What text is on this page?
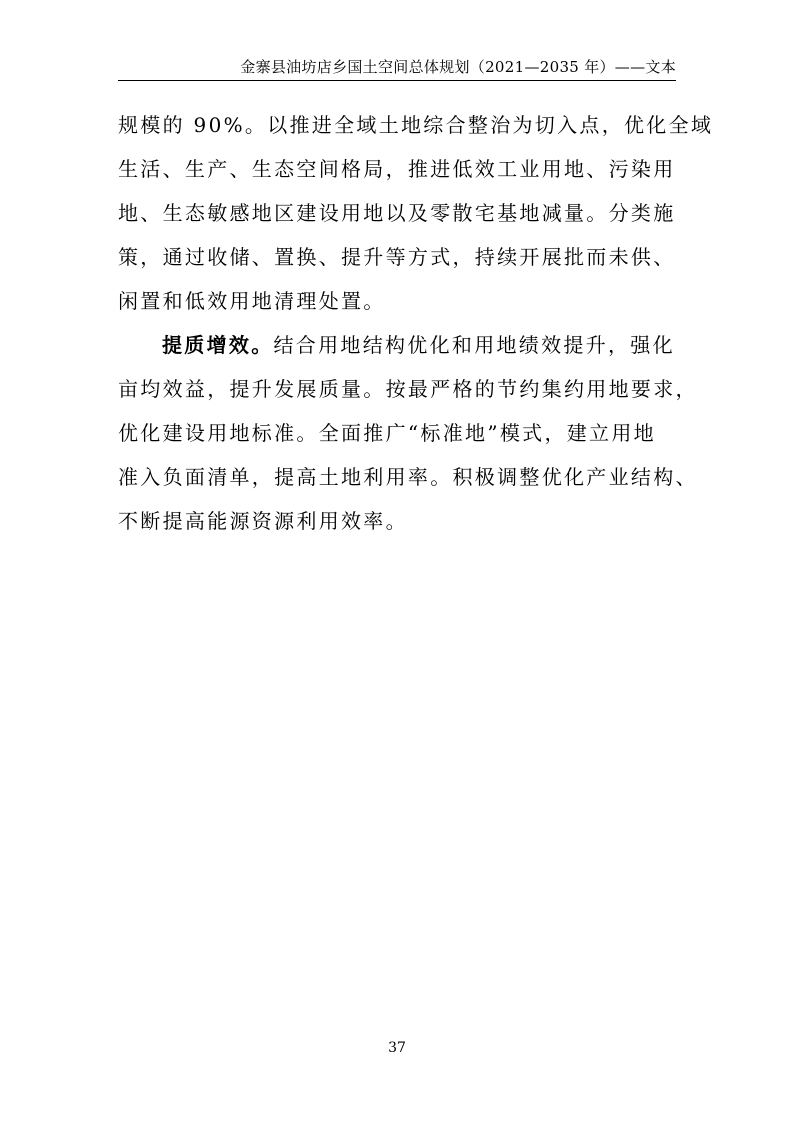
金寨县油坊店乡国土空间总体规划（2021—2035 年）——文本
规模的 90%。以推进全域土地综合整治为切入点，优化全域
生活、生产、生态空间格局，推进低效工业用地、污染用
地、生态敏感地区建设用地以及零散宅基地减量。分类施
策，通过收储、置换、提升等方式，持续开展批而未供、
闲置和低效用地清理处置。
提质增效。结合用地结构优化和用地绩效提升，强化
亩均效益，提升发展质量。按最严格的节约集约用地要求，
优化建设用地标准。全面推广“标准地”模式，建立用地
准入负面清单，提高土地利用率。积极调整优化产业结构、
不断提高能源资源利用效率。
37
